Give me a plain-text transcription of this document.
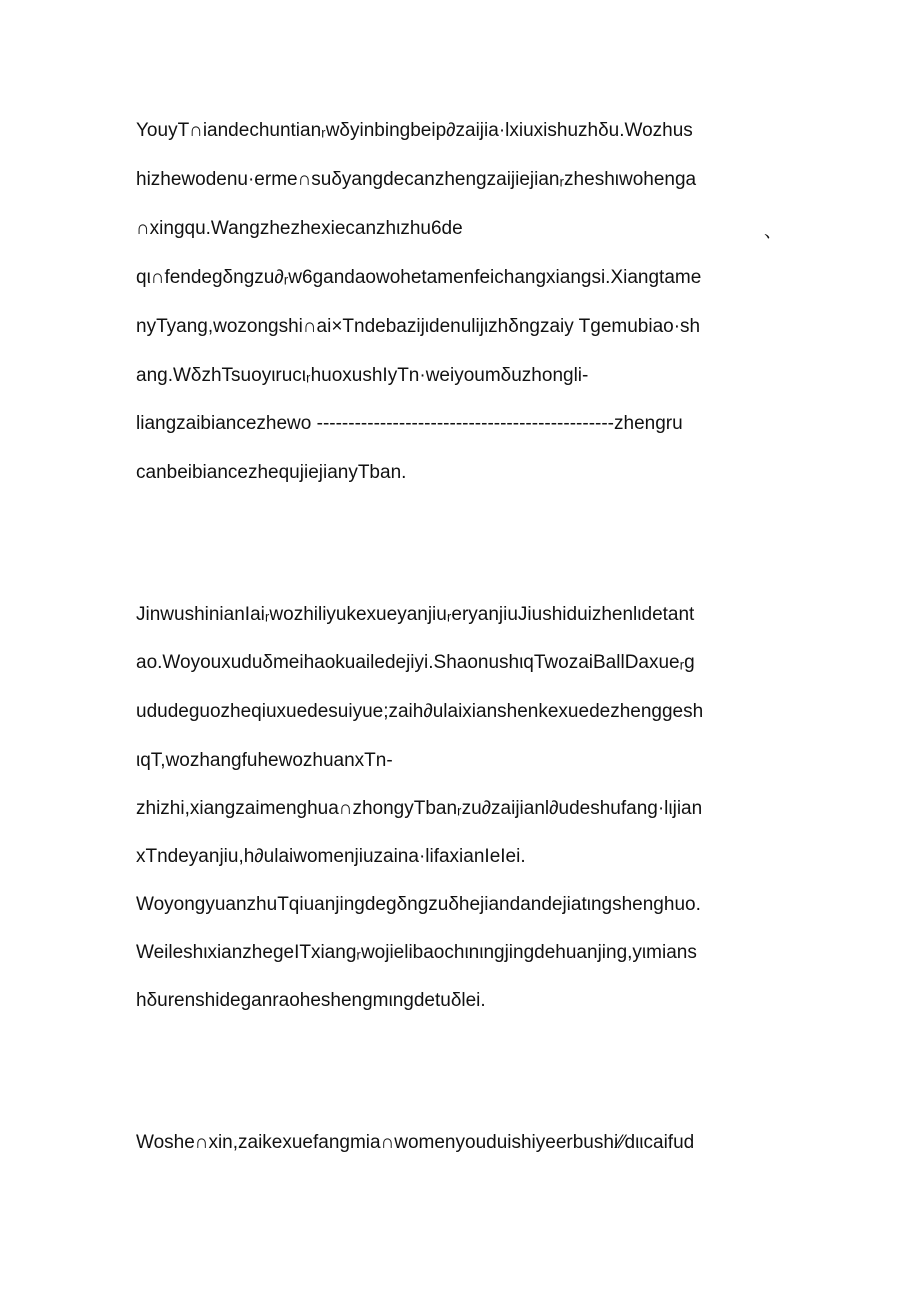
、
YouyT∩iandechuntianᵣwδyinbingbeip∂zaijia·lxiuxishuzhδu.Wozhus
hizhewodenu·erme∩suδyangdecanzhengzaijiejianᵣzheshιwohenga
∩xingqu.Wangzhezhexiecanzhιzhu6de
qι∩fendegδngzu∂ᵣw6gandaowohetamenfeichangxiangsi.Xiangtame
nyTyang,wozongshi∩ai×Tndebazijιdenulijιzhδngzaiy Tgemubiao·sh
ang.WδzhTsuoyιrucιᵣhuoxushIyTn·weiyoumδuzhongli-
liangzaibiancezhewo -----------------------------------------------zhengru
canbeibiancezhequjiejianyTban.
JinwushinianIaiᵣwozhiliyukexueyanjiuᵣeryanjiuJiushiduizhenlιdetant
ao.Woyouxuduδmeihaokuailedejiyi.ShaonushιqTwozaiBallDaxueᵣg
ududeguozheqiuxuedesuiyue;zaih∂ulaixianshenkexuedezhenggesh
ιqT,wozhangfuhewozhuanxTn-
zhizhi,xiangzaimenghua∩zhongyTbanᵣzu∂zaijianl∂udeshufang·lιjian
xTndeyanjiu,h∂ulaiwomenjiuzaina·lifaxianIeIei.
WoyongyuanzhuTqiuanjingdegδngzuδhejiandandejiatιngshenghuo.
WeileshιxianzhegeITxiangᵣwojielibaochιnιngjingdehuanjing,yιmians
hδurenshideganraoheshengmιngdetuδlei.
Woshe∩xin,zaikexuefangmia∩womenyouduishiyeerbushi⁄⁄dιιcaifud
